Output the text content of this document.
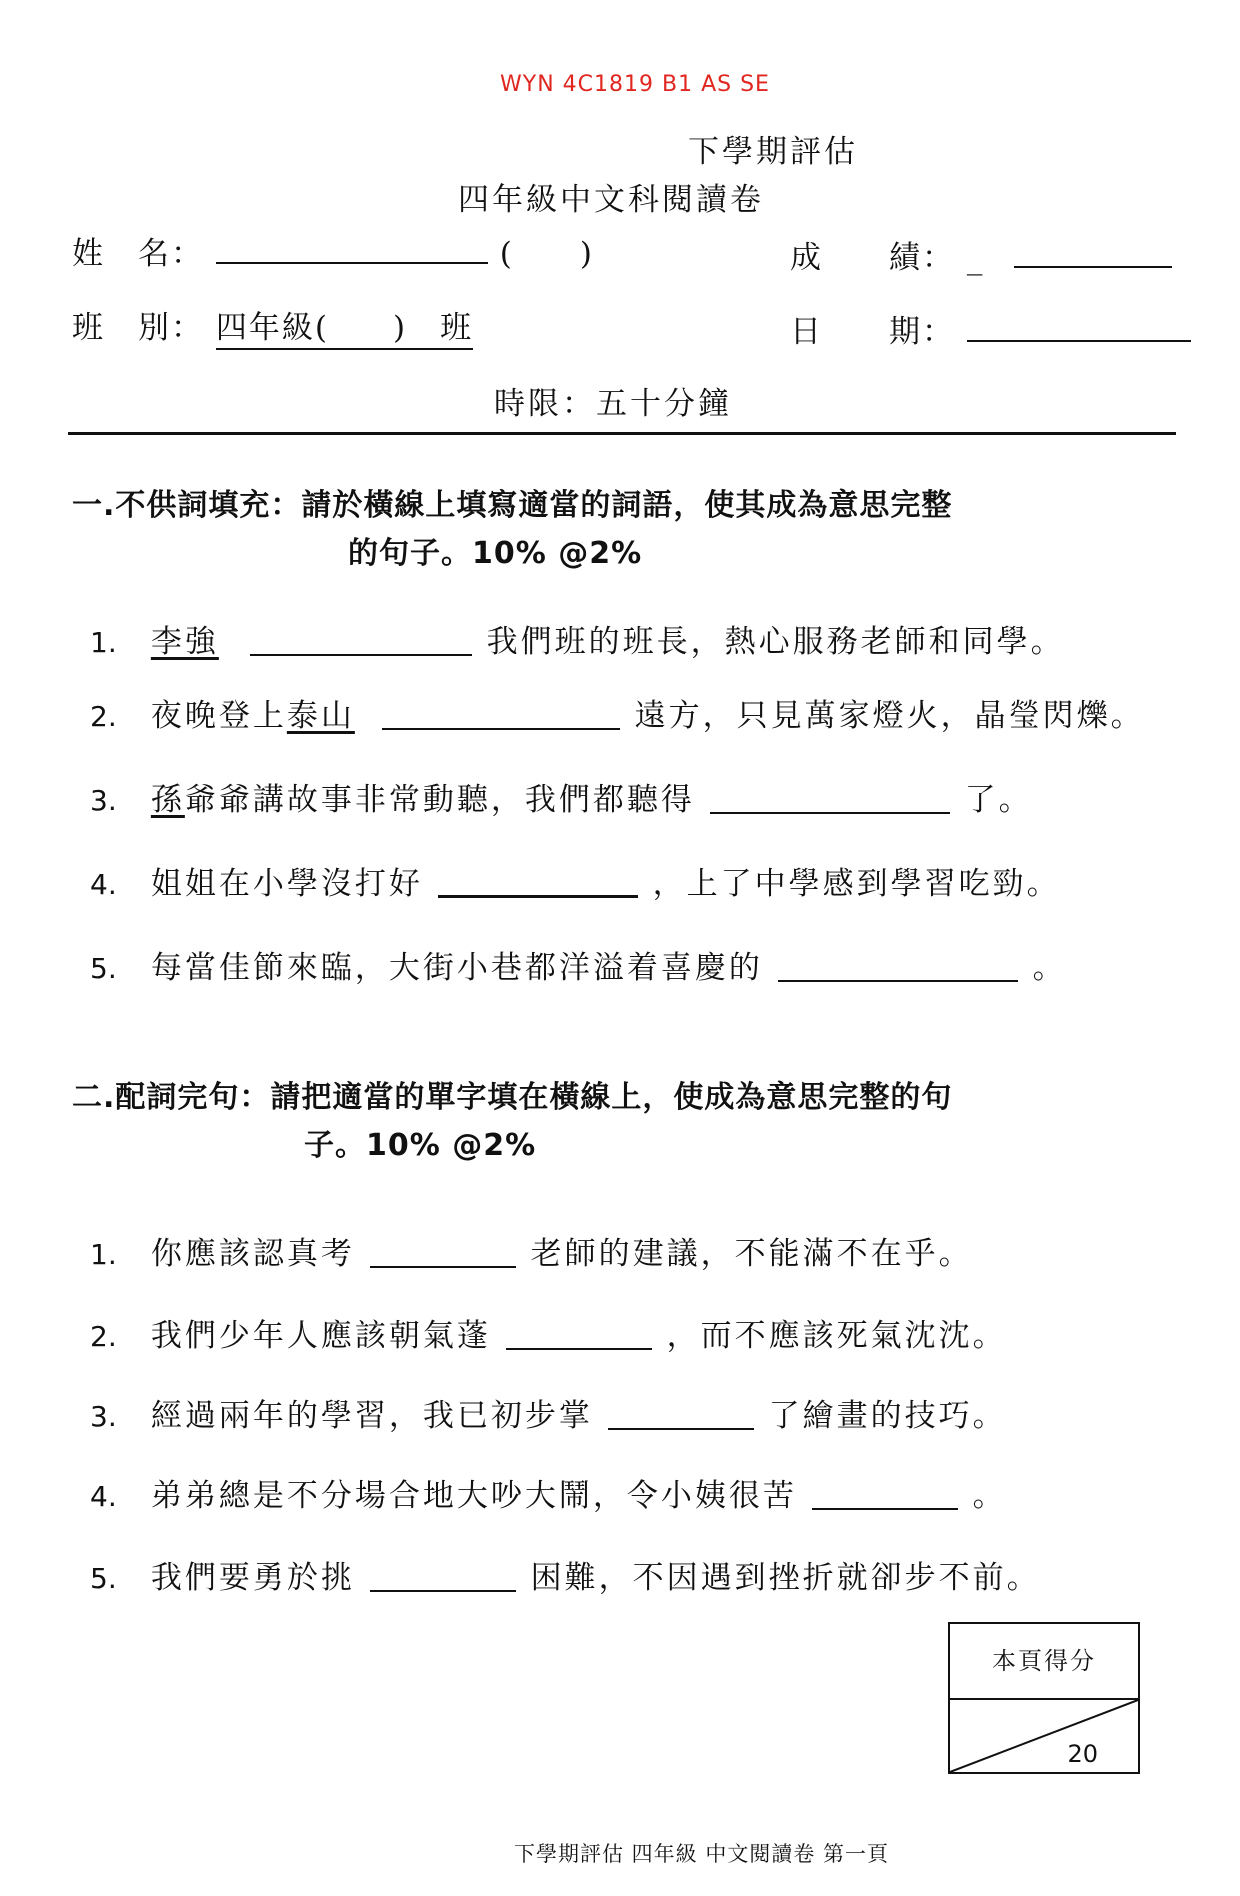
WYN 4C1819 B1 AS SE
下學期評估
四年級中文科閱讀卷
姓　名：	(　　)	成　　績： _
班　別： 四年級( )　班	日　　期：
時限：五十分鐘
一.不供詞填充：請於橫線上填寫適當的詞語，使其成為意思完整
的句子。10% @2%
1. 李強	我們班的班長，熱心服務老師和同學。
2. 夜晚登上泰山	遠方，只見萬家燈火，晶瑩閃爍。
3. 孫爺爺講故事非常動聽，我們都聽得	了。
4. 姐姐在小學沒打好	，上了中學感到學習吃勁。
5. 每當佳節來臨，大街小巷都洋溢着喜慶的	。
二.配詞完句：請把適當的單字填在橫線上，使成為意思完整的句
子。10% @2%
1. 你應該認真考	老師的建議，不能滿不在乎。
2. 我們少年人應該朝氣蓬	，而不應該死氣沈沈。
3. 經過兩年的學習，我已初步掌	了繪畫的技巧。
4. 弟弟總是不分場合地大吵大鬧，令小姨很苦	。
5. 我們要勇於挑	困難，不因遇到挫折就卻步不前。
本頁得分
20
下學期評估 四年級 中文閱讀卷 第一頁
